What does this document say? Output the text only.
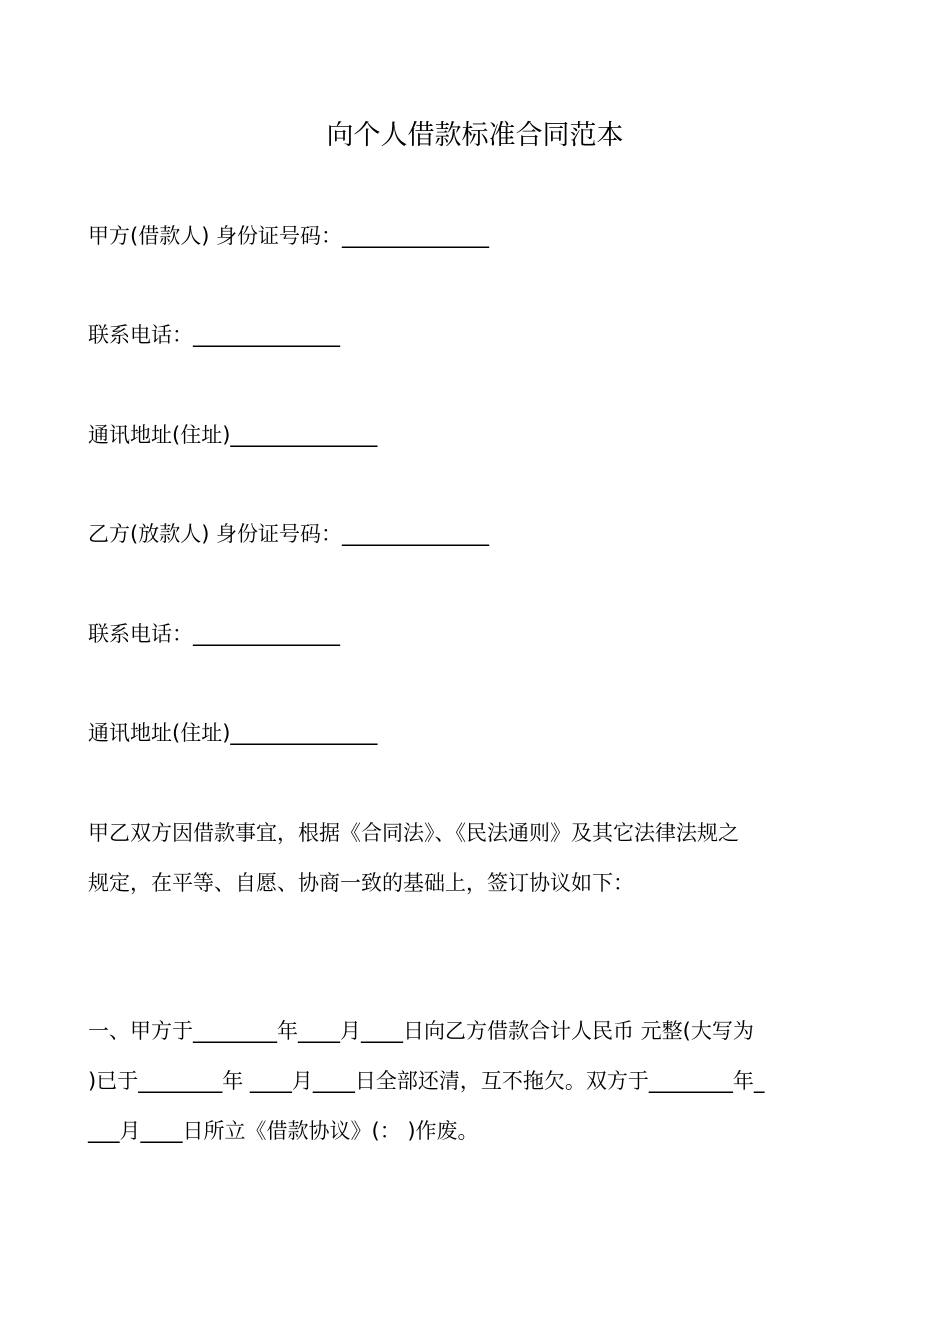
向个人借款标准合同范本
甲方(借款人) 身份证号码：______________
联系电话：______________
通讯地址(住址)______________
乙方(放款人) 身份证号码：______________
联系电话：______________
通讯地址(住址)______________
甲乙双方因借款事宜，根据《合同法》、《民法通则》及其它法律法规之
规定，在平等、自愿、协商一致的基础上，签订协议如下：
一、甲方于________年____月____日向乙方借款合计人民币 元整(大写为
)已于________年 ____月____日全部还清，互不拖欠。双方于________年_
___月____日所立《借款协议》(： )作废。
